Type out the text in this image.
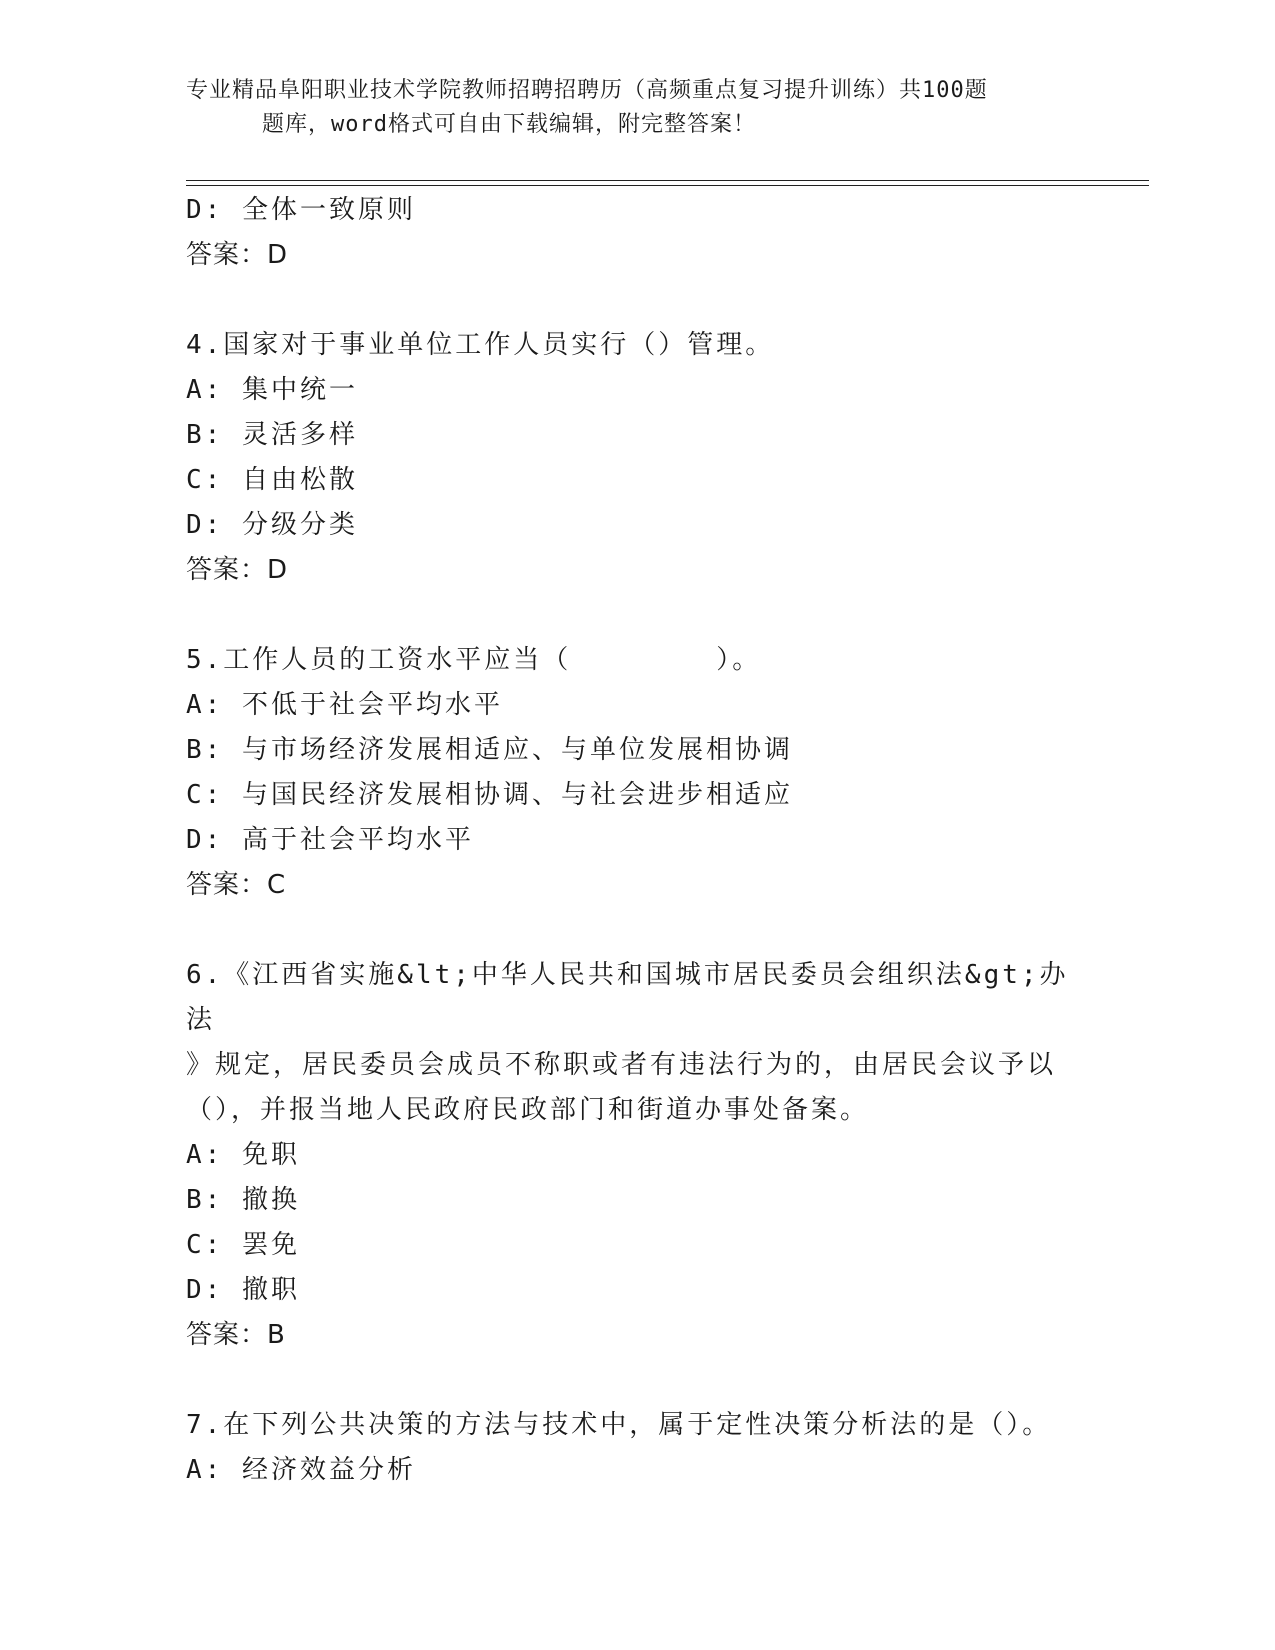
专业精品阜阳职业技术学院教师招聘招聘历（高频重点复习提升训练）共100题
题库，word格式可自由下载编辑，附完整答案！
D: 全体一致原则
答案：D
4.国家对于事业单位工作人员实行（）管理。
A: 集中统一
B: 灵活多样
C: 自由松散
D: 分级分类
答案：D
5.工作人员的工资水平应当（　　　　　）。
A: 不低于社会平均水平
B: 与市场经济发展相适应、与单位发展相协调
C: 与国民经济发展相协调、与社会进步相适应
D: 高于社会平均水平
答案：C
6.《江西省实施&lt;中华人民共和国城市居民委员会组织法&gt;办法
》规定，居民委员会成员不称职或者有违法行为的，由居民会议予以
（），并报当地人民政府民政部门和街道办事处备案。
A: 免职
B: 撤换
C: 罢免
D: 撤职
答案：B
7.在下列公共决策的方法与技术中，属于定性决策分析法的是（）。
A: 经济效益分析
